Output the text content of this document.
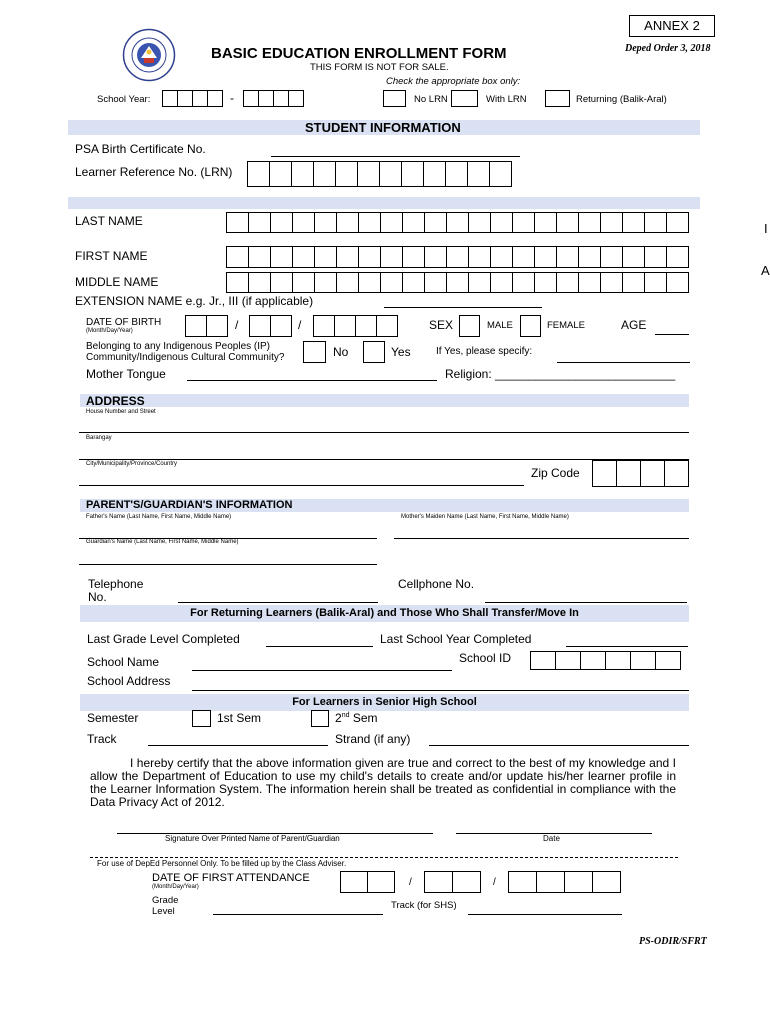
ANNEX 2
Deped Order 3, 2018
BASIC EDUCATION ENROLLMENT FORM
THIS FORM IS NOT FOR SALE.
Check the appropriate box only:
School Year:	-	No LRN	With LRN	Returning (Balik-Aral)
STUDENT INFORMATION
PSA Birth Certificate No.
Learner Reference No. (LRN)
LAST NAME
FIRST NAME
MIDDLE NAME
EXTENSION NAME e.g. Jr., III (if applicable)
DATE OF BIRTH
(Month/Day/Year)	/	/	SEX	MALE	FEMALE	AGE
Belonging to any Indigenous Peoples (IP)
Community/Indigenous Cultural Community?	No	Yes	If Yes, please specify:
Mother Tongue	Religion: ___________________________
ADDRESS
House Number and Street
Barangay
City/Municipality/Province/Country
Zip Code
PARENT'S/GUARDIAN'S INFORMATION
Father's Name (Last Name, First Name, Middle Name)	Mother's Maiden Name (Last Name, First Name, Middle Name)
Guardian's Name (Last Name, First Name, Middle Name)
Telephone
No.
Cellphone No.
For Returning Learners (Balik-Aral) and Those Who Shall Transfer/Move In
Last Grade Level Completed	Last School Year Completed
School Name	School ID
School Address
For Learners in Senior High School
Semester	1st Sem	2nd Sem
Track	Strand (if any)
I hereby certify that the above information given are true and correct to the best of my knowledge and I allow the Department of Education to use my child's details to create and/or update his/her learner profile in the Learner Information System. The information herein shall be treated as confidential in compliance with the Data Privacy Act of 2012.
Signature Over Printed Name of Parent/Guardian	Date
For use of DepEd Personnel Only. To be filled up by the Class Adviser.
DATE OF FIRST ATTENDANCE
(Month/Day/Year)	/	/
Grade
Level
Track (for SHS)
PS-ODIR/SFRT
I
A
